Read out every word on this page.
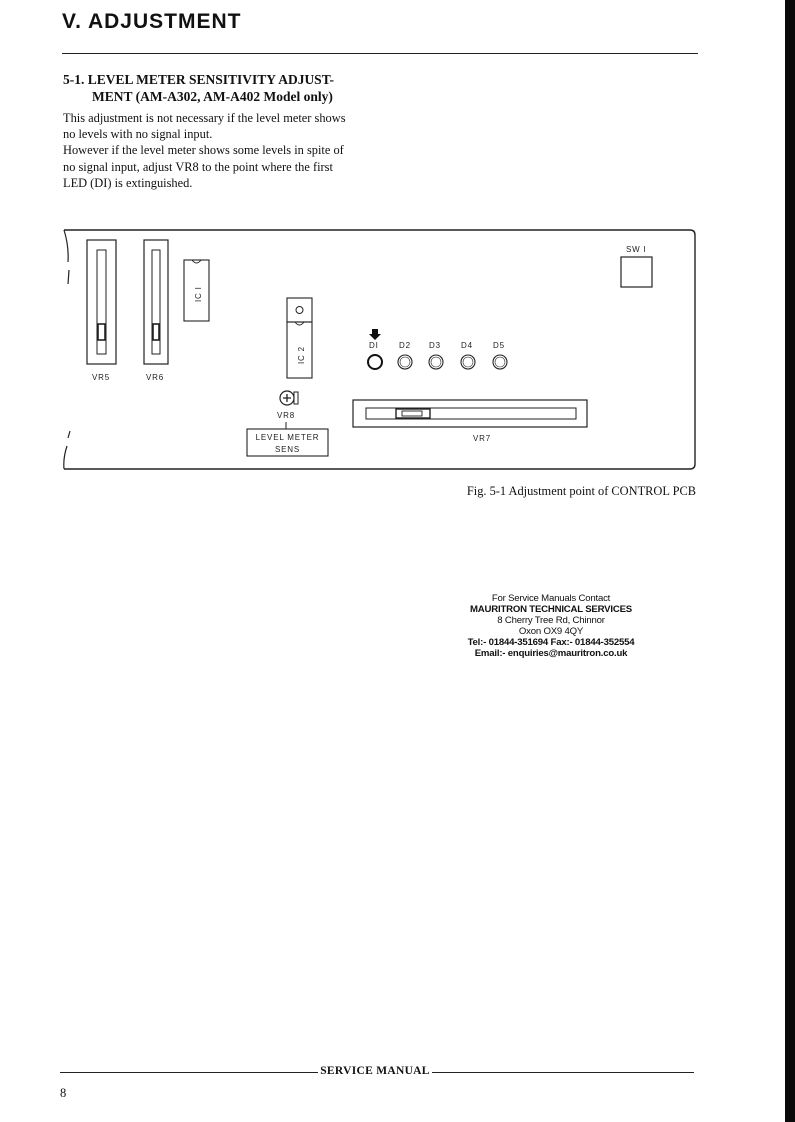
V. ADJUSTMENT
5-1. LEVEL METER SENSITIVITY ADJUST-
MENT (AM-A302, AM-A402 Model only)

This adjustment is not necessary if the level meter shows
no levels with no signal input.
However if the level meter shows some levels in spite of
no signal input, adjust VR8 to the point where the first
LED (DI) is extinguished.

VR5	VR6
IC I
IC 2
VR8
LEVEL METER
SENS
DI	D2 D3	D4	D5
VR7
SW I
Fig. 5-1 Adjustment point of CONTROL PCB
For Service Manuals Contact
MAURITRON TECHNICAL SERVICES
8 Cherry Tree Rd, Chinnor
Oxon OX9 4QY
Tel:- 01844-351694 Fax:- 01844-352554
Email:- enquiries@mauritron.co.uk
SERVICE MANUAL
8
